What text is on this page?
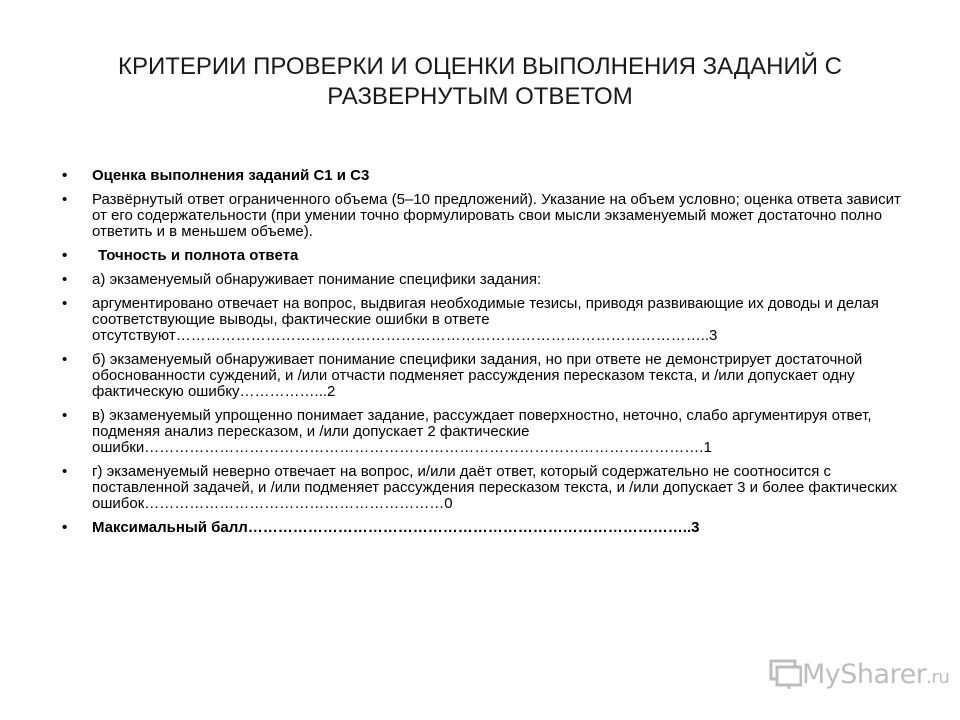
КРИТЕРИИ ПРОВЕРКИ И ОЦЕНКИ ВЫПОЛНЕНИЯ ЗАДАНИЙ С РАЗВЕРНУТЫМ ОТВЕТОМ
• Оценка выполнения заданий С1 и С3
• Развёрнутый ответ ограниченного объема (5–10 предложений). Указание на объем условно; оценка ответа зависит от его содержательности (при умении точно формулировать свои мысли экзаменуемый может достаточно полно ответить и в меньшем объеме).
• Точность и полнота ответа
• а) экзаменуемый обнаруживает понимание специфики задания:
• аргументировано отвечает на вопрос, выдвигая необходимые тезисы, приводя развивающие их доводы и делая соответствующие выводы, фактические ошибки в ответе отсутствуют……………………………………………………………………………………………..3
• б) экзаменуемый обнаруживает понимание специфики задания, но при ответе не демонстрирует достаточной обоснованности суждений, и /или отчасти подменяет рассуждения пересказом текста, и /или допускает одну фактическую ошибку……………...2
• в) экзаменуемый упрощенно понимает задание, рассуждает поверхностно, неточно, слабо аргументируя ответ, подменяя анализ пересказом, и /или допускает 2 фактические ошибки………………………………………………………………………………………………….1
• г) экзаменуемый неверно отвечает на вопрос, и/или даёт ответ, который содержательно не соотносится с поставленной задачей, и /или подменяет рассуждения пересказом текста, и /или допускает 3 и более фактических ошибок……………………………………………………0
• Максимальный балл……………………………………………………………………………..3
MySharer.ru
